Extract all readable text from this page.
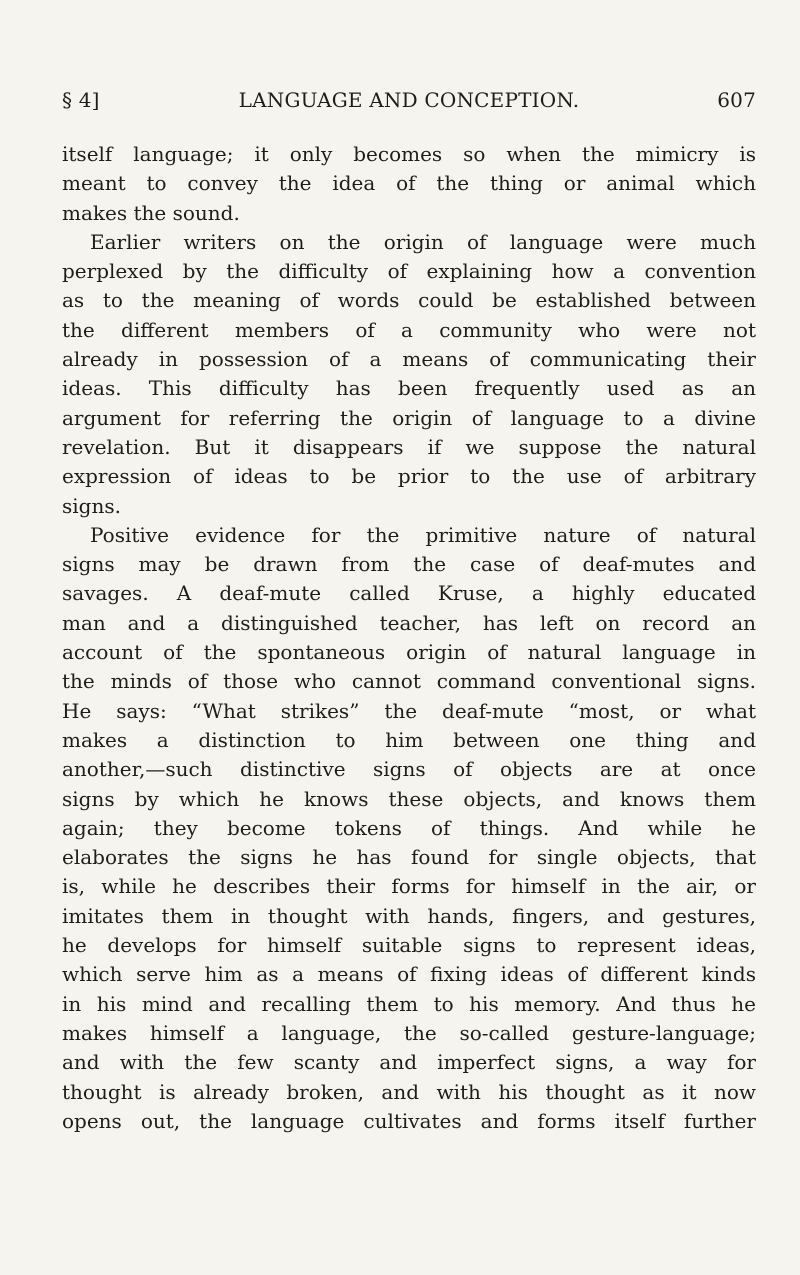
§ 4]	LANGUAGE AND CONCEPTION.	607
itself language; it only becomes so when the mimicry is
meant to convey the idea of the thing or animal which
makes the sound.
Earlier writers on the origin of language were much
perplexed by the difficulty of explaining how a convention
as to the meaning of words could be established between
the different members of a community who were not
already in possession of a means of communicating their
ideas. This difficulty has been frequently used as an
argument for referring the origin of language to a divine
revelation. But it disappears if we suppose the natural
expression of ideas to be prior to the use of arbitrary
signs.
Positive evidence for the primitive nature of natural
signs may be drawn from the case of deaf-mutes and
savages. A deaf-mute called Kruse, a highly educated
man and a distinguished teacher, has left on record an
account of the spontaneous origin of natural language in
the minds of those who cannot command conventional signs.
He says: “What strikes” the deaf-mute “most, or what
makes a distinction to him between one thing and
another,—such distinctive signs of objects are at once
signs by which he knows these objects, and knows them
again; they become tokens of things. And while he
elaborates the signs he has found for single objects, that
is, while he describes their forms for himself in the air, or
imitates them in thought with hands, fingers, and gestures,
he develops for himself suitable signs to represent ideas,
which serve him as a means of fixing ideas of different kinds
in his mind and recalling them to his memory. And thus he
makes himself a language, the so-called gesture-language;
and with the few scanty and imperfect signs, a way for
thought is already broken, and with his thought as it now
opens out, the language cultivates and forms itself further
